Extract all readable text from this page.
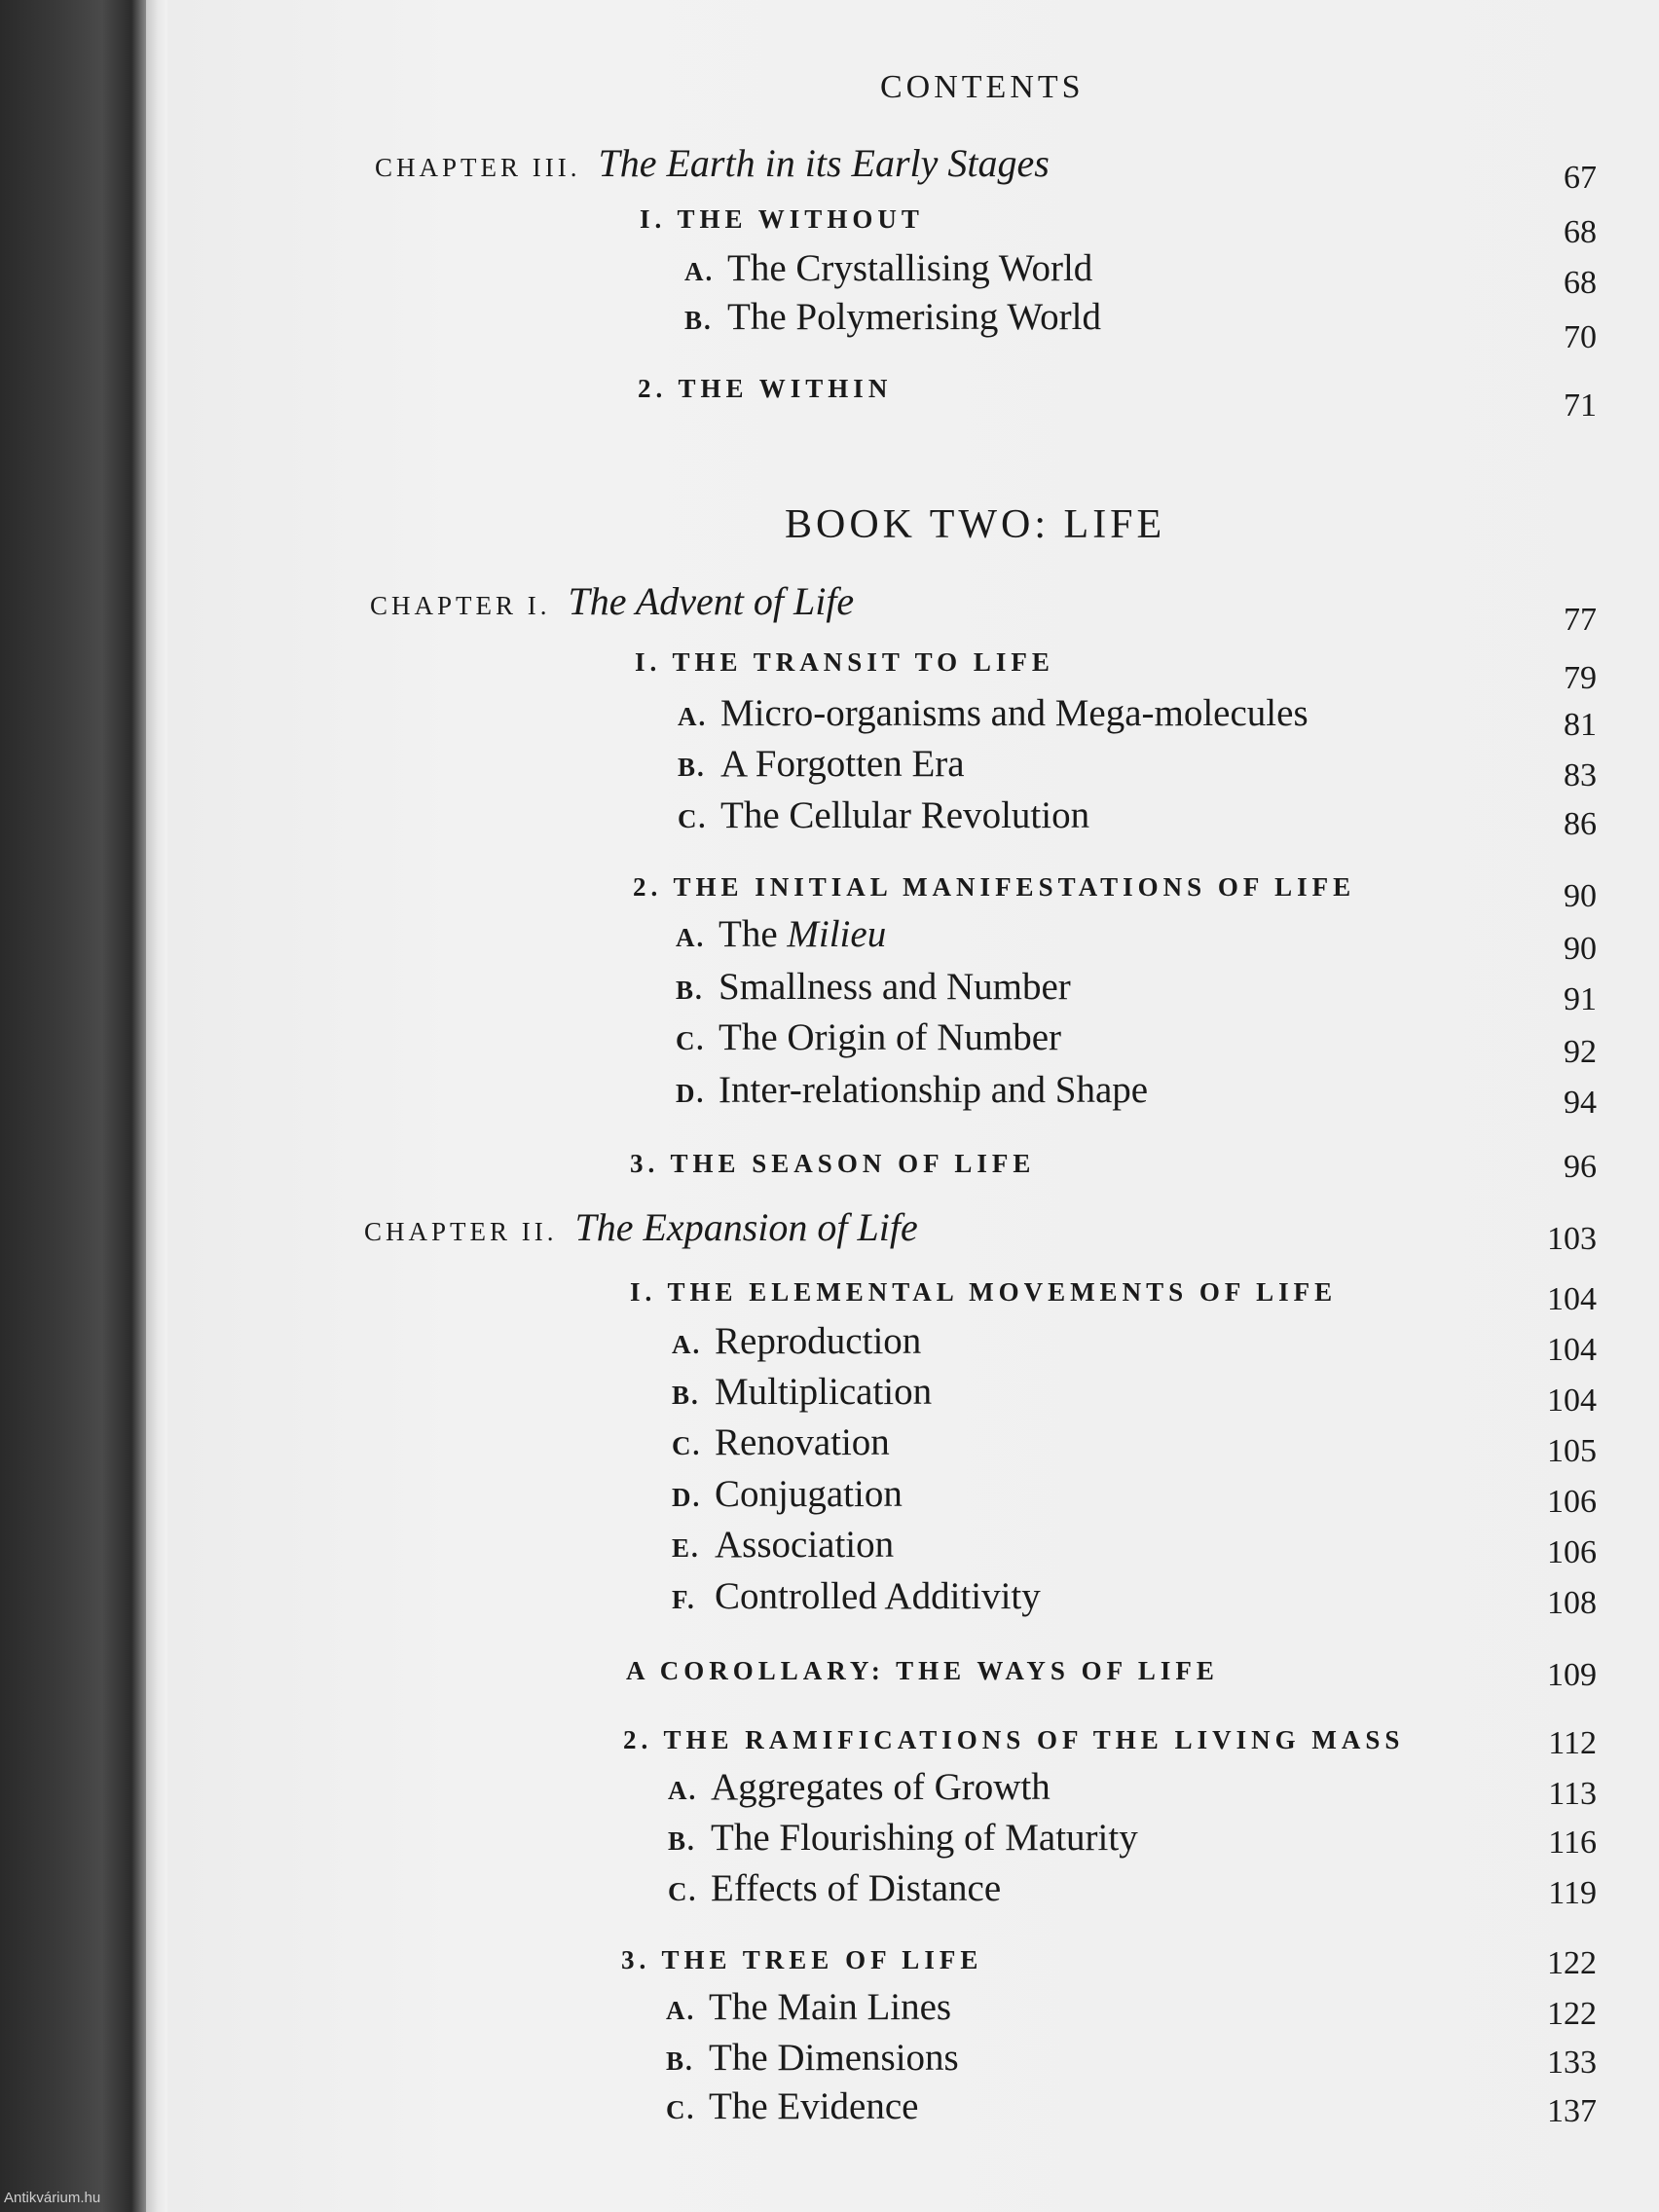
Antikvárium.hu
CONTENTS
CHAPTER III. The Earth in its Early Stages	67
I. THE WITHOUT	68
A. The Crystallising World	68
B. The Polymerising World	70
2. THE WITHIN	71
BOOK TWO: LIFE
CHAPTER I. The Advent of Life	77
I. THE TRANSIT TO LIFE	79
A. Micro-organisms and Mega-molecules	81
B. A Forgotten Era	83
C. The Cellular Revolution	86
2. THE INITIAL MANIFESTATIONS OF LIFE	90
A. The Milieu	90
B. Smallness and Number	91
C. The Origin of Number	92
D. Inter-relationship and Shape	94
3. THE SEASON OF LIFE	96
CHAPTER II. The Expansion of Life	103
I. THE ELEMENTAL MOVEMENTS OF LIFE	104
A. Reproduction	104
B. Multiplication	104
C. Renovation	105
D. Conjugation	106
E. Association	106
F. Controlled Additivity	108
A COROLLARY: THE WAYS OF LIFE	109
2. THE RAMIFICATIONS OF THE LIVING MASS	112
A. Aggregates of Growth	113
B. The Flourishing of Maturity	116
C. Effects of Distance	119
3. THE TREE OF LIFE	122
A. The Main Lines	122
B. The Dimensions	133
C. The Evidence	137
